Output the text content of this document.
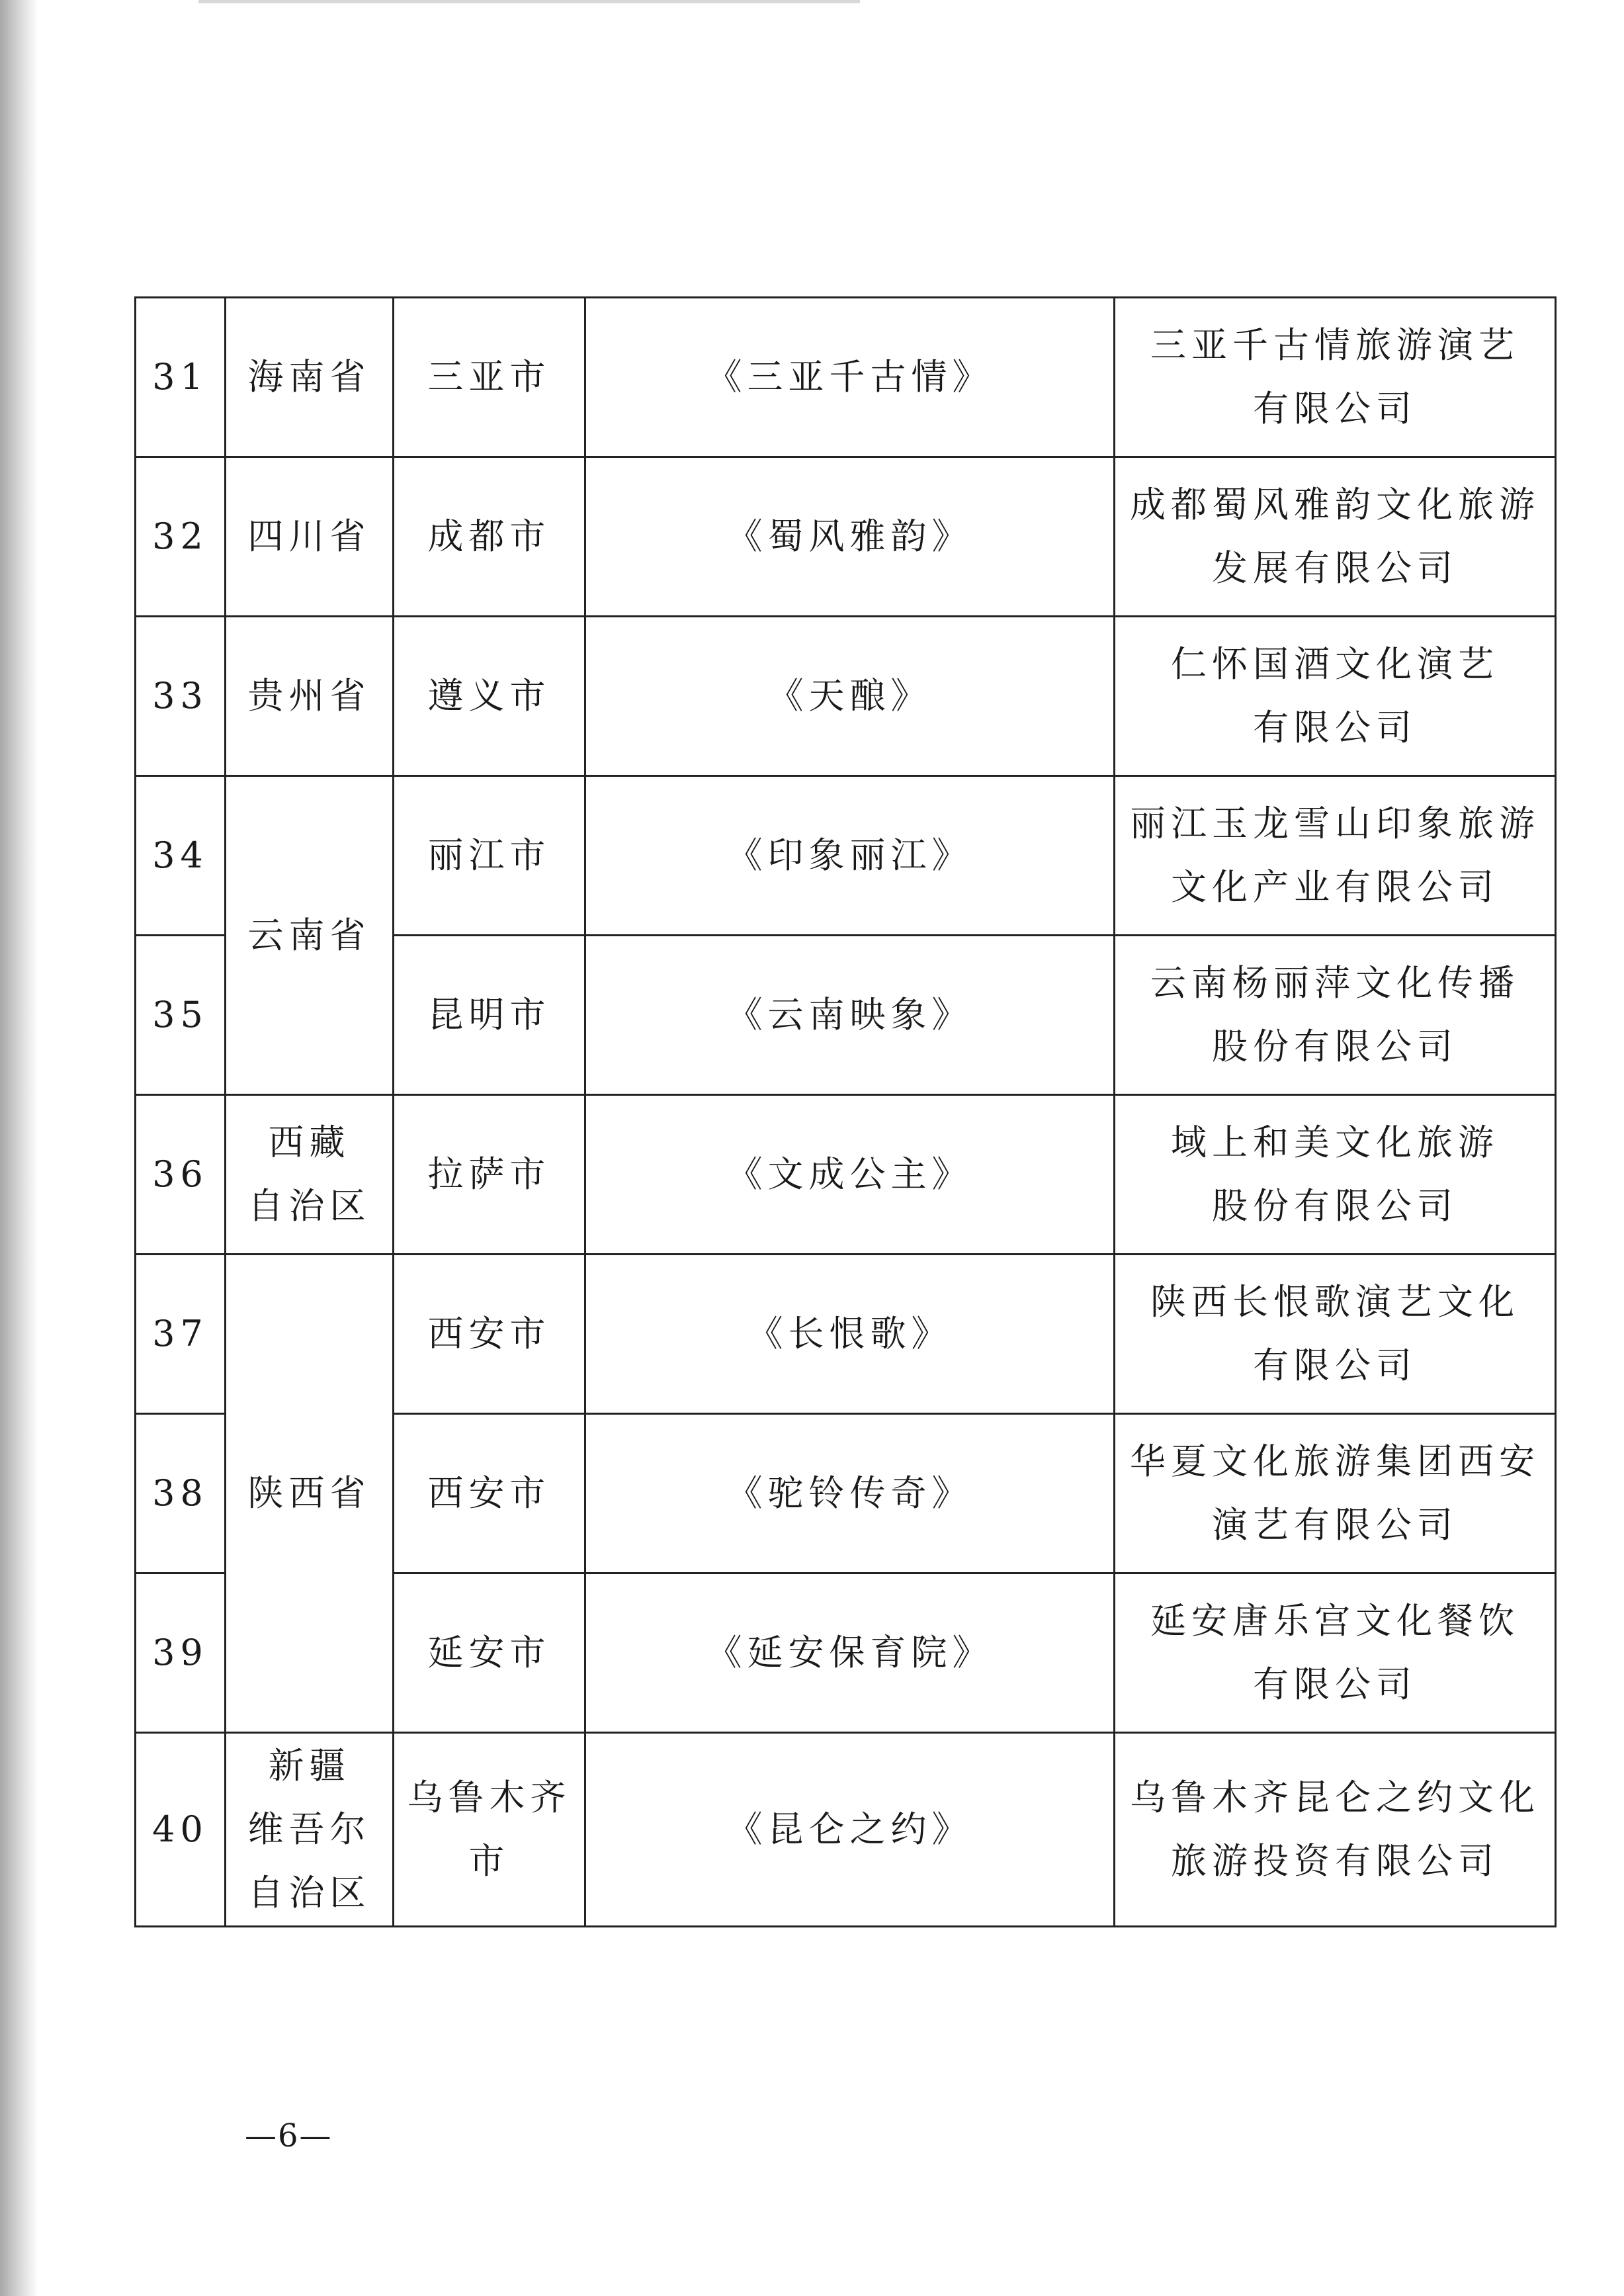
31	海南省	三亚市	《三亚千古情》	三亚千古情旅游演艺
有限公司

32	四川省	成都市	《蜀风雅韵》	成都蜀风雅韵文化旅游
发展有限公司

33	贵州省	遵义市	《天酿》	仁怀国酒文化演艺
有限公司

34	云南省	丽江市	《印象丽江》	丽江玉龙雪山印象旅游
文化产业有限公司

35		昆明市	《云南映象》	云南杨丽萍文化传播
股份有限公司

36	西藏
自治区	拉萨市	《文成公主》	域上和美文化旅游
股份有限公司

37	陕西省	西安市	《长恨歌》	陕西长恨歌演艺文化
有限公司

38		西安市	《驼铃传奇》	华夏文化旅游集团西安
演艺有限公司

39		延安市	《延安保育院》	延安唐乐宫文化餐饮
有限公司

40	新疆
维吾尔
自治区	乌鲁木齐
市	《昆仑之约》	乌鲁木齐昆仑之约文化
旅游投资有限公司
—6—
